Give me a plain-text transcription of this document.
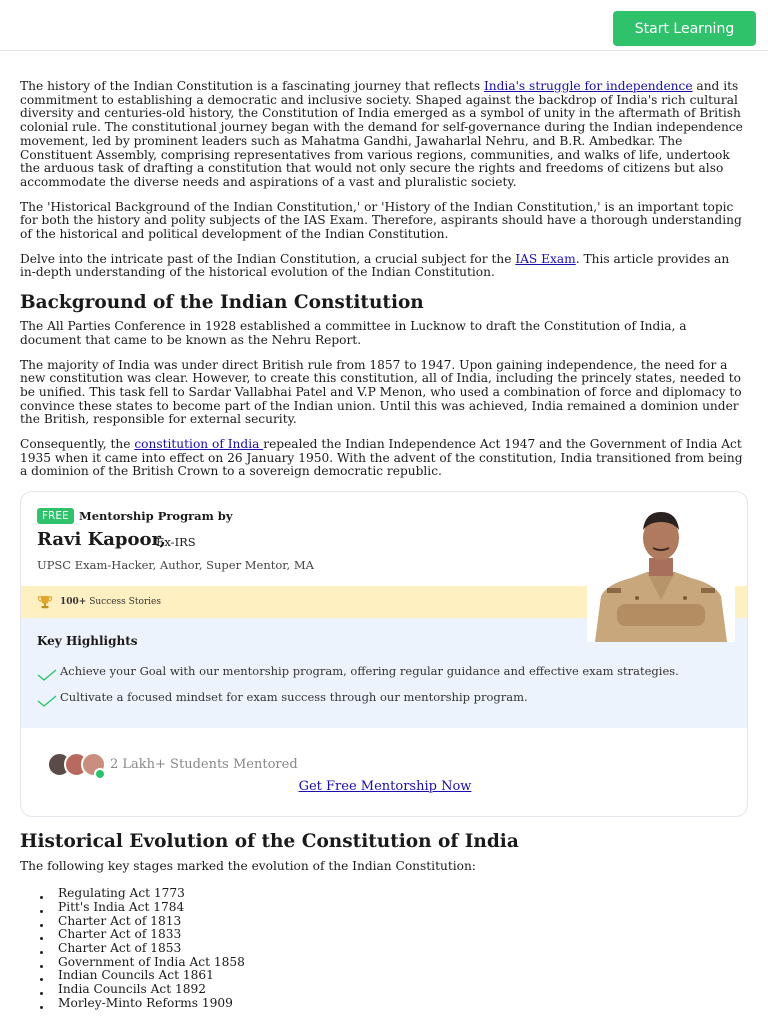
Start Learning

The history of the Indian Constitution is a fascinating journey that reflects India's struggle for independence and its commitment to establishing a democratic and inclusive society. Shaped against the backdrop of India's rich cultural diversity and centuries-old history, the Constitution of India emerged as a symbol of unity in the aftermath of British colonial rule. The constitutional journey began with the demand for self-governance during the Indian independence movement, led by prominent leaders such as Mahatma Gandhi, Jawaharlal Nehru, and B.R. Ambedkar. The Constituent Assembly, comprising representatives from various regions, communities, and walks of life, undertook the arduous task of drafting a constitution that would not only secure the rights and freedoms of citizens but also accommodate the diverse needs and aspirations of a vast and pluralistic society.

The 'Historical Background of the Indian Constitution,' or 'History of the Indian Constitution,' is an important topic for both the history and polity subjects of the IAS Exam. Therefore, aspirants should have a thorough understanding of the historical and political development of the Indian Constitution.

Delve into the intricate past of the Indian Constitution, a crucial subject for the IAS Exam. This article provides an in-depth understanding of the historical evolution of the Indian Constitution.

Background of the Indian Constitution

The All Parties Conference in 1928 established a committee in Lucknow to draft the Constitution of India, a document that came to be known as the Nehru Report.

The majority of India was under direct British rule from 1857 to 1947. Upon gaining independence, the need for a new constitution was clear. However, to create this constitution, all of India, including the princely states, needed to be unified. This task fell to Sardar Vallabhai Patel and V.P Menon, who used a combination of force and diplomacy to convince these states to become part of the Indian union. Until this was achieved, India remained a dominion under the British, responsible for external security.

Consequently, the constitution of India repealed the Indian Independence Act 1947 and the Government of India Act 1935 when it came into effect on 26 January 1950. With the advent of the constitution, India transitioned from being a dominion of the British Crown to a sovereign democratic republic.

FREE Mentorship Program by
Ravi Kapoor,
Ex-IRS
UPSC Exam-Hacker, Author, Super Mentor, MA
100+ Success Stories
Key Highlights
Achieve your Goal with our mentorship program, offering regular guidance and effective exam strategies.
Cultivate a focused mindset for exam success through our mentorship program.
2 Lakh+ Students Mentored
Get Free Mentorship Now
Historical Evolution of the Constitution of India

The following key stages marked the evolution of the Indian Constitution:

Regulating Act 1773
Pitt's India Act 1784
Charter Act of 1813
Charter Act of 1833
Charter Act of 1853
Government of India Act 1858
Indian Councils Act 1861
India Councils Act 1892
Morley-Minto Reforms 1909
